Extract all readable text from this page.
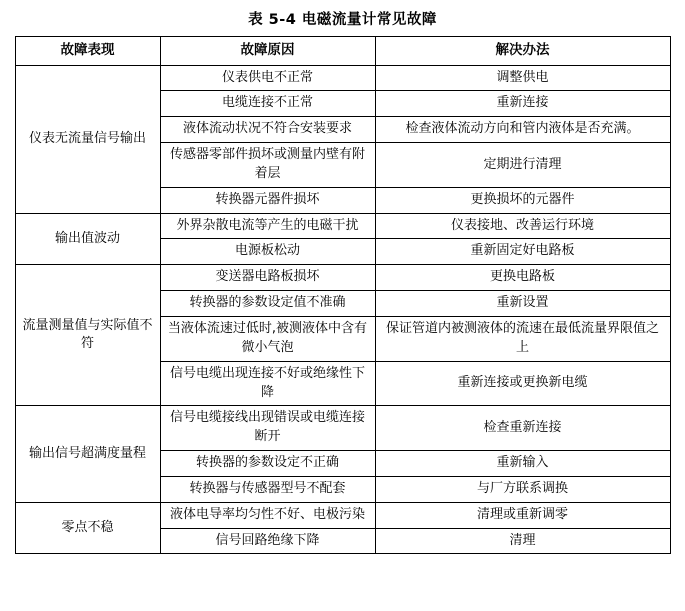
表 5-4 电磁流量计常见故障
故障表现	故障原因	解决办法
仪表无流量信号输出	仪表供电不正常	调整供电
	电缆连接不正常	重新连接
	液体流动状况不符合安装要求	检查液体流动方向和管内液体是否充满。
	传感器零部件损坏或测量内壁有附着层	定期进行清理
	转换器元器件损坏	更换损坏的元器件
输出值波动	外界杂散电流等产生的电磁干扰	仪表接地、改善运行环境
	电源板松动	重新固定好电路板
流量测量值与实际值不符	变送器电路板损坏	更换电路板
	转换器的参数设定值不准确	重新设置
	当液体流速过低时,被测液体中含有微小气泡	保证管道内被测液体的流速在最低流量界限值之上
	信号电缆出现连接不好或绝缘性下降	重新连接或更换新电缆
输出信号超满度量程	信号电缆接线出现错误或电缆连接断开	检查重新连接
	转换器的参数设定不正确	重新输入
	转换器与传感器型号不配套	与厂方联系调换
零点不稳	液体电导率均匀性不好、电极污染	清理或重新调零
	信号回路绝缘下降	清理
